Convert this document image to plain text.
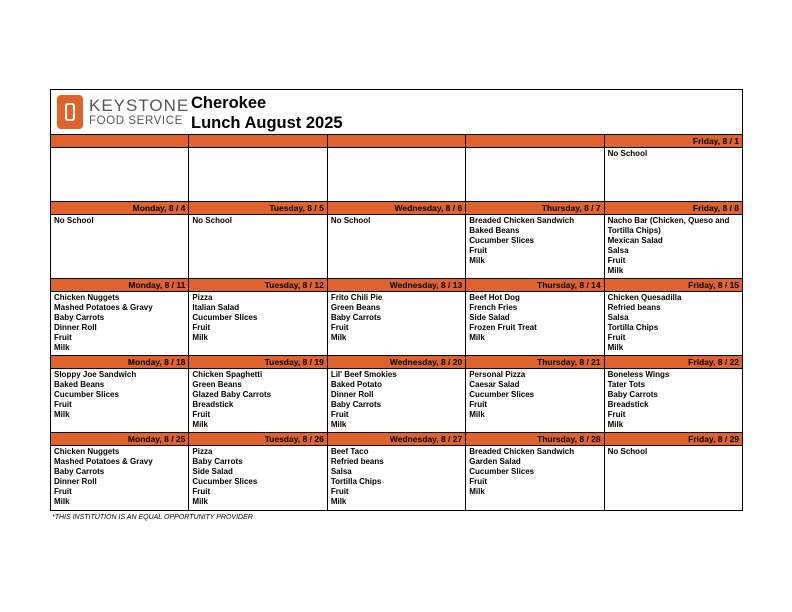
KEYSTONE
FOOD SERVICE
Cherokee
Lunch August 2025
Friday, 8 / 1
No School
Monday, 8 / 4
No School
Tuesday, 8 / 5
No School
Wednesday, 8 / 6
No School
Thursday, 8 / 7
Breaded Chicken Sandwich
Baked Beans
Cucumber Slices
Fruit
Milk
Friday, 8 / 8
Nacho Bar (Chicken, Queso and Tortilla Chips)
Mexican Salad
Salsa
Fruit
Milk
Monday, 8 / 11
Chicken Nuggets
Mashed Potatoes & Gravy
Baby Carrots
Dinner Roll
Fruit
Milk
Tuesday, 8 / 12
Pizza
Italian Salad
Cucumber Slices
Fruit
Milk
Wednesday, 8 / 13
Frito Chili Pie
Green Beans
Baby Carrots
Fruit
Milk
Thursday, 8 / 14
Beef Hot Dog
French Fries
Side Salad
Frozen Fruit Treat
Milk
Friday, 8 / 15
Chicken Quesadilla
Refried beans
Salsa
Tortilla Chips
Fruit
Milk
Monday, 8 / 18
Sloppy Joe Sandwich
Baked Beans
Cucumber Slices
Fruit
Milk
Tuesday, 8 / 19
Chicken Spaghetti
Green Beans
Glazed Baby Carrots
Breadstick
Fruit
Milk
Wednesday, 8 / 20
Lil' Beef Smokies
Baked Potato
Dinner Roll
Baby Carrots
Fruit
Milk
Thursday, 8 / 21
Personal Pizza
Caesar Salad
Cucumber Slices
Fruit
Milk
Friday, 8 / 22
Boneless Wings
Tater Tots
Baby Carrots
Breadstick
Fruit
Milk
Monday, 8 / 25
Chicken Nuggets
Mashed Potatoes & Gravy
Baby Carrots
Dinner Roll
Fruit
Milk
Tuesday, 8 / 26
Pizza
Baby Carrots
Side Salad
Cucumber Slices
Fruit
Milk
Wednesday, 8 / 27
Beef Taco
Refried beans
Salsa
Tortilla Chips
Fruit
Milk
Thursday, 8 / 28
Breaded Chicken Sandwich
Garden Salad
Cucumber Slices
Fruit
Milk
Friday, 8 / 29
No School
*THIS INSTITUTION IS AN EQUAL OPPORTUNITY PROVIDER
